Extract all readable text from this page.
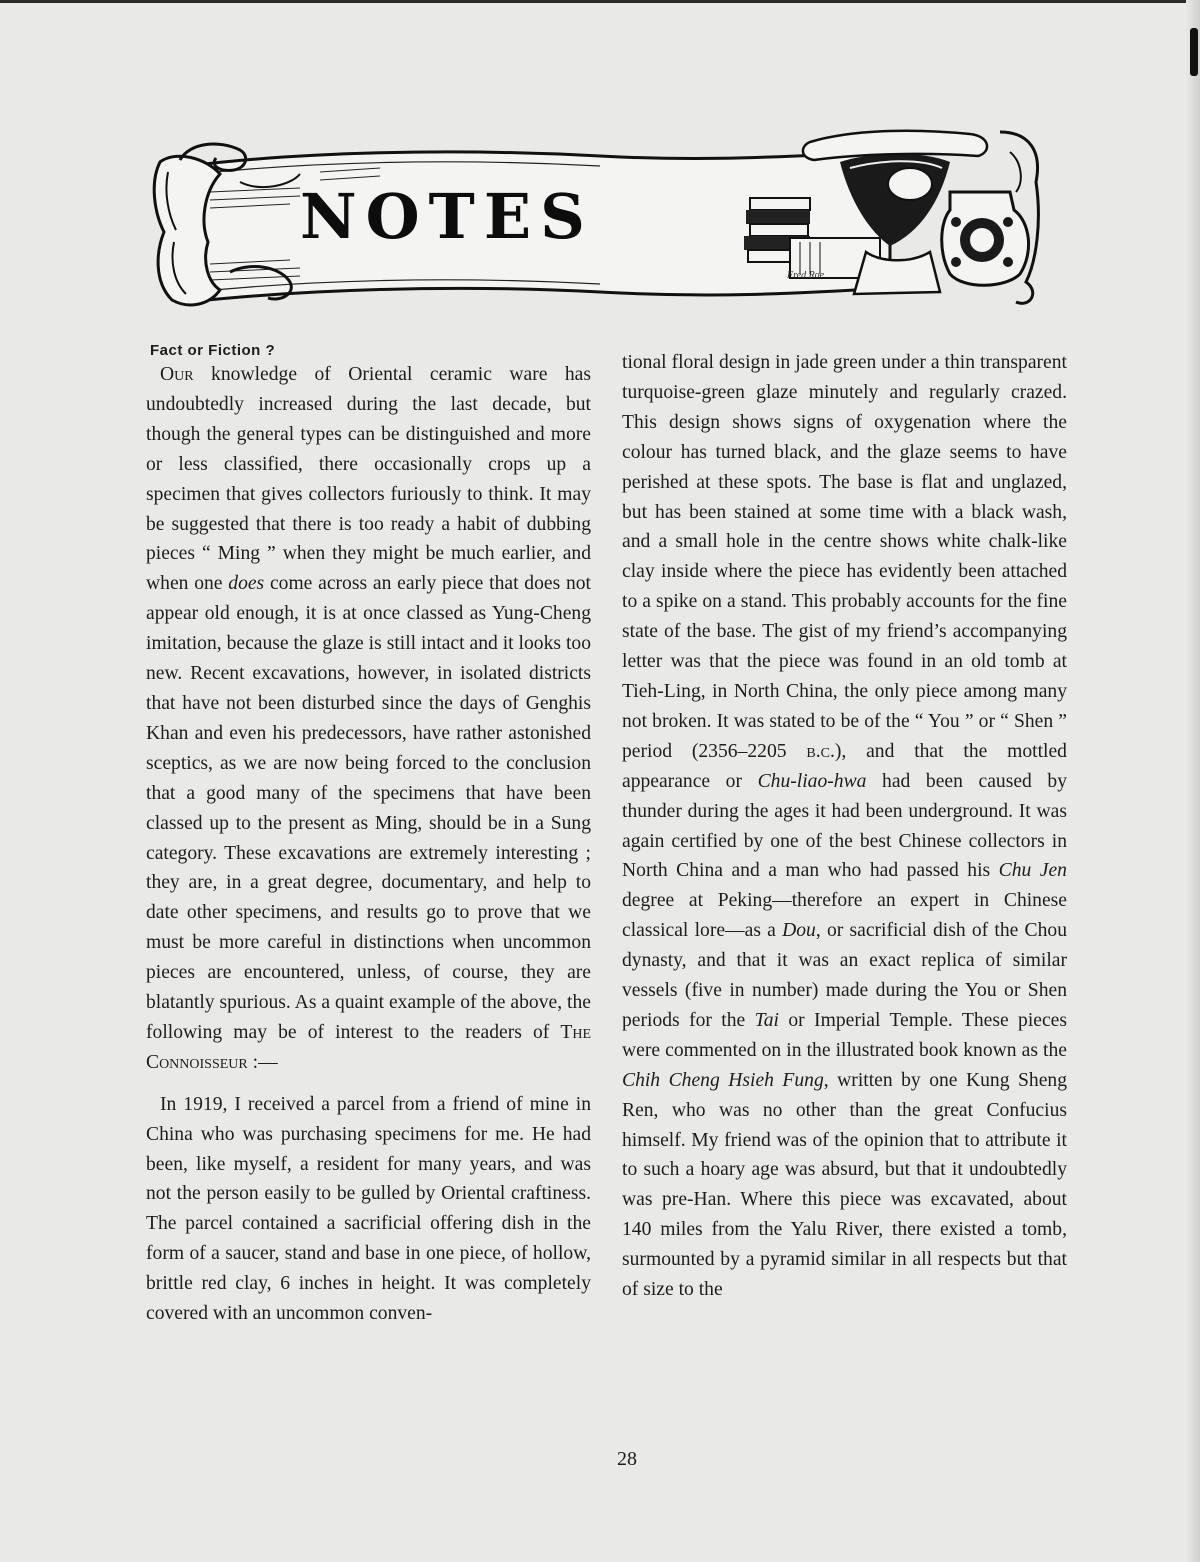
NOTES
Fred Roe
Fact or Fiction ?

Our knowledge of Oriental ceramic ware has undoubtedly increased during the last decade, but though the general types can be distinguished and more or less classified, there occasionally crops up a specimen that gives collectors furiously to think. It may be suggested that there is too ready a habit of dubbing pieces “ Ming ” when they might be much earlier, and when one does come across an early piece that does not appear old enough, it is at once classed as Yung-Cheng imitation, because the glaze is still intact and it looks too new. Recent excavations, however, in isolated districts that have not been disturbed since the days of Genghis Khan and even his predecessors, have rather astonished sceptics, as we are now being forced to the conclusion that a good many of the specimens that have been classed up to the present as Ming, should be in a Sung category. These excavations are extremely interesting ; they are, in a great degree, documentary, and help to date other specimens, and results go to prove that we must be more careful in distinctions when uncommon pieces are encountered, unless, of course, they are blatantly spurious. As a quaint example of the above, the following may be of interest to the readers of The Connoisseur :—

In 1919, I received a parcel from a friend of mine in China who was purchasing specimens for me. He had been, like myself, a resident for many years, and was not the person easily to be gulled by Oriental craftiness. The parcel contained a sacrificial offering dish in the form of a saucer, stand and base in one piece, of hollow, brittle red clay, 6 inches in height. It was completely covered with an uncommon conven-

tional floral design in jade green under a thin transparent turquoise-green glaze minutely and regularly crazed. This design shows signs of oxygenation where the colour has turned black, and the glaze seems to have perished at these spots. The base is flat and unglazed, but has been stained at some time with a black wash, and a small hole in the centre shows white chalk-like clay inside where the piece has evidently been attached to a spike on a stand. This probably accounts for the fine state of the base. The gist of my friend’s accompanying letter was that the piece was found in an old tomb at Tieh-Ling, in North China, the only piece among many not broken. It was stated to be of the “ You ” or “ Shen ” period (2356–2205 b.c.), and that the mottled appearance or Chu-liao-hwa had been caused by thunder during the ages it had been underground. It was again certified by one of the best Chinese collectors in North China and a man who had passed his Chu Jen degree at Peking—therefore an expert in Chinese classical lore—as a Dou, or sacrificial dish of the Chou dynasty, and that it was an exact replica of similar vessels (five in number) made during the You or Shen periods for the Tai or Imperial Temple. These pieces were commented on in the illustrated book known as the Chih Cheng Hsieh Fung, written by one Kung Sheng Ren, who was no other than the great Confucius himself. My friend was of the opinion that to attribute it to such a hoary age was absurd, but that it undoubtedly was pre-Han. Where this piece was excavated, about 140 miles from the Yalu River, there existed a tomb, surmounted by a pyramid similar in all respects but that of size to the

28
